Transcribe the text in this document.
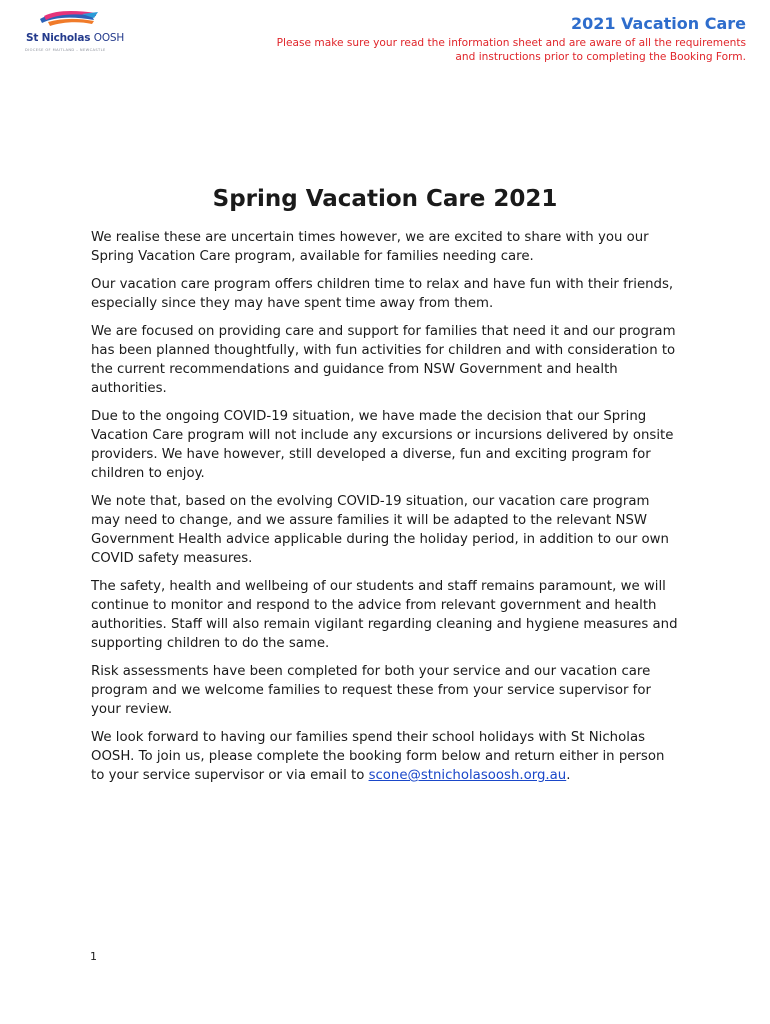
St Nicholas OOSH
DIOCESE OF MAITLAND – NEWCASTLE
2021 Vacation Care
Please make sure your read the information sheet and are aware of all the requirements and instructions prior to completing the Booking Form.
Spring Vacation Care 2021

We realise these are uncertain times however, we are excited to share with you our Spring Vacation Care program, available for families needing care.

Our vacation care program offers children time to relax and have fun with their friends, especially since they may have spent time away from them.

We are focused on providing care and support for families that need it and our program has been planned thoughtfully, with fun activities for children and with consideration to the current recommendations and guidance from NSW Government and health authorities.

Due to the ongoing COVID-19 situation, we have made the decision that our Spring Vacation Care program will not include any excursions or incursions delivered by onsite providers. We have however, still developed a diverse, fun and exciting program for children to enjoy.

We note that, based on the evolving COVID-19 situation, our vacation care program may need to change, and we assure families it will be adapted to the relevant NSW Government Health advice applicable during the holiday period, in addition to our own COVID safety measures.

The safety, health and wellbeing of our students and staff remains paramount, we will continue to monitor and respond to the advice from relevant government and health authorities. Staff will also remain vigilant regarding cleaning and hygiene measures and supporting children to do the same.

Risk assessments have been completed for both your service and our vacation care program and we welcome families to request these from your service supervisor for your review.

We look forward to having our families spend their school holidays with St Nicholas OOSH. To join us, please complete the booking form below and return either in person to your service supervisor or via email to scone@stnicholasoosh.org.au.

1
